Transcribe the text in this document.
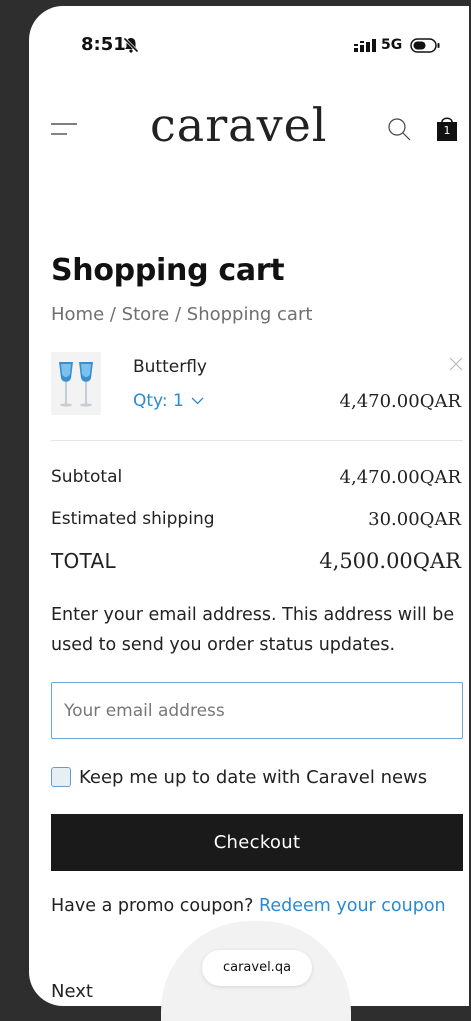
8:51	5G
caravel	1
Shopping cart
Home / Store / Shopping cart
Butterfly
Qty: 1	4,470.00QAR
Subtotal	4,470.00QAR
Estimated shipping	30.00QAR
TOTAL	4,500.00QAR

Enter your email address. This address will be used to send you order status updates.

Your email address
Keep me up to date with Caravel news
Checkout
Have a promo coupon? Redeem your coupon
Next
caravel.qa
